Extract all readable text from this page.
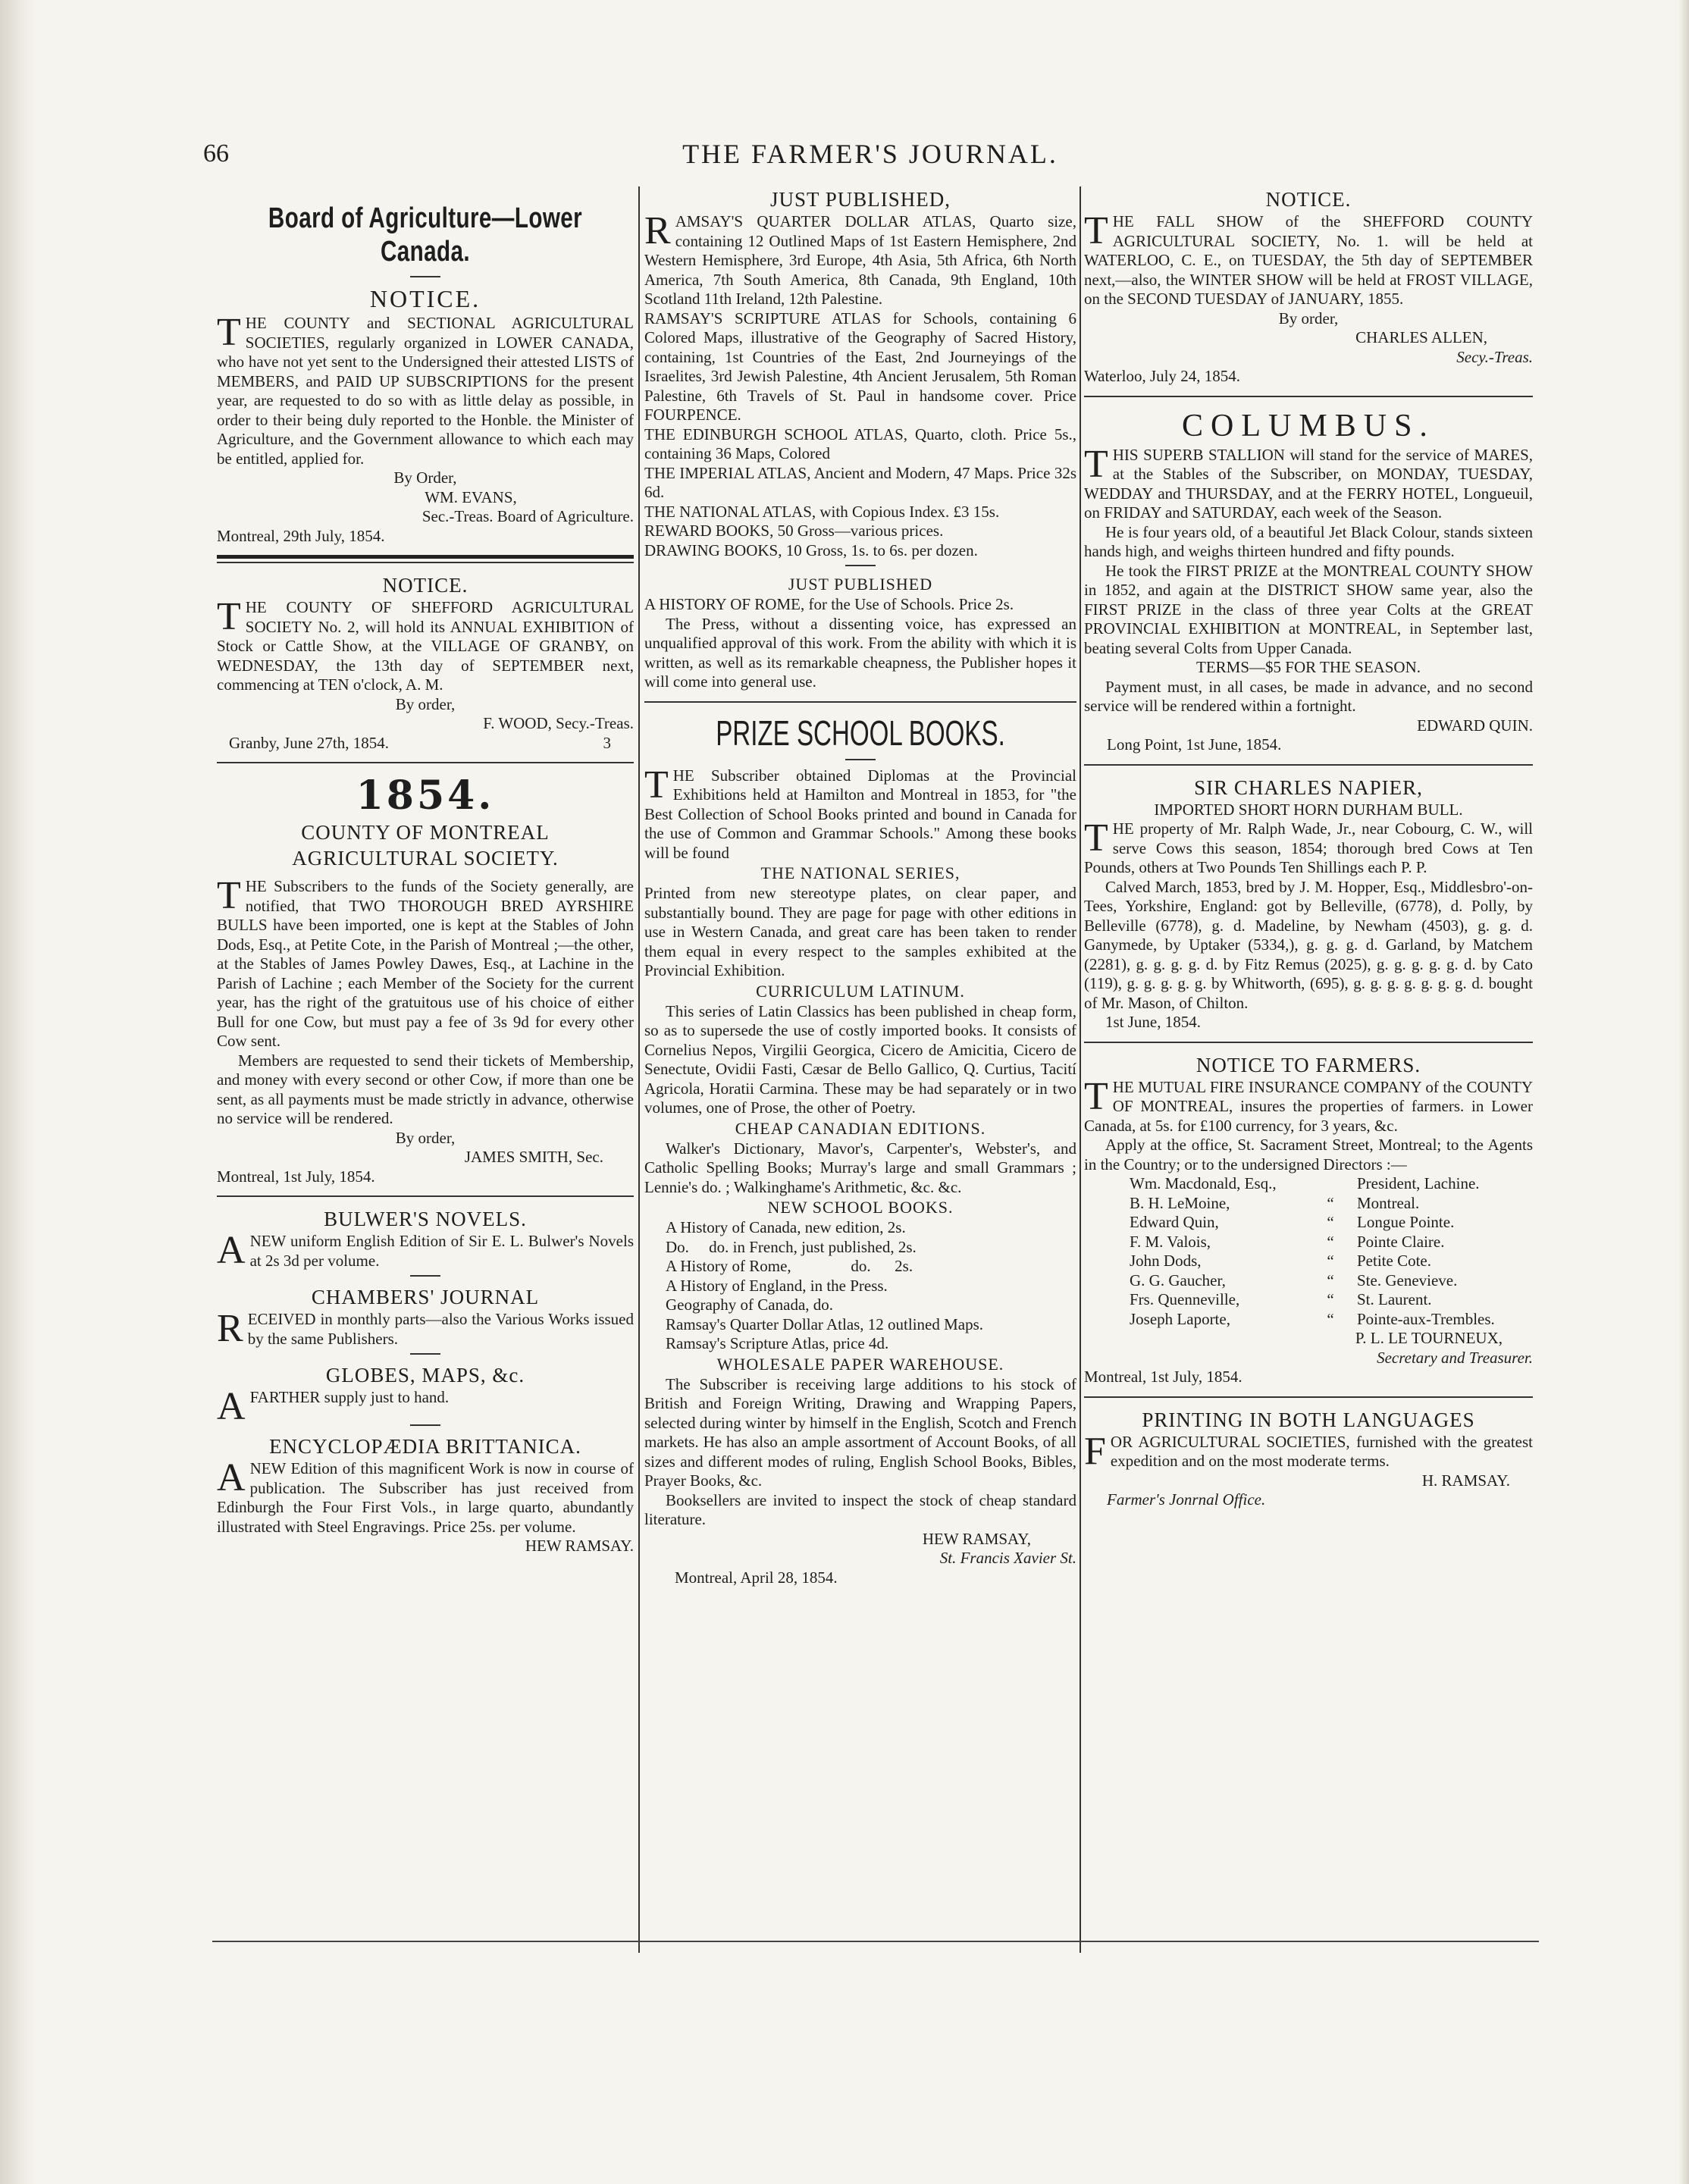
66	THE FARMER'S JOURNAL.
Board of Agriculture—Lower Canada.
NOTICE.

THE COUNTY and SECTIONAL AGRICULTURAL SOCIETIES, regularly organized in LOWER CANADA, who have not yet sent to the Undersigned their attested LISTS of MEMBERS, and PAID UP SUBSCRIPTIONS for the present year, are requested to do so with as little delay as possible, in order to their being duly reported to the Honble. the Minister of Agriculture, and the Government allowance to which each may be entitled, applied for.

By Order,

WM. EVANS,

Sec.-Treas. Board of Agriculture.

Montreal, 29th July, 1854.

NOTICE.

THE COUNTY OF SHEFFORD AGRICULTURAL SOCIETY No. 2, will hold its ANNUAL EXHIBITION of Stock or Cattle Show, at the VILLAGE OF GRANBY, on WEDNESDAY, the 13th day of SEPTEMBER next, commencing at TEN o'clock, A. M.

By order,

F. WOOD, Secy.-Treas.

Granby, June 27th, 1854.	3

1854.
COUNTY OF MONTREAL AGRICULTURAL SOCIETY.

THE Subscribers to the funds of the Society generally, are notified, that TWO THOROUGH BRED AYRSHIRE BULLS have been imported, one is kept at the Stables of John Dods, Esq., at Petite Cote, in the Parish of Montreal ;—the other, at the Stables of James Powley Dawes, Esq., at Lachine in the Parish of Lachine ; each Member of the Society for the current year, has the right of the gratuitous use of his choice of either Bull for one Cow, but must pay a fee of 3s 9d for every other Cow sent.

Members are requested to send their tickets of Membership, and money with every second or other Cow, if more than one be sent, as all payments must be made strictly in advance, otherwise no service will be rendered.

By order,

JAMES SMITH, Sec.

Montreal, 1st July, 1854.

BULWER'S NOVELS.

ANEW uniform English Edition of Sir E. L. Bulwer's Novels at 2s 3d per volume.

CHAMBERS' JOURNAL

RECEIVED in monthly parts—also the Various Works issued by the same Publishers.

GLOBES, MAPS, &c.

AFARTHER supply just to hand.

ENCYCLOPÆDIA BRITTANICA.

ANEW Edition of this magnificent Work is now in course of publication. The Subscriber has just received from Edinburgh the Four First Vols., in large quarto, abundantly illustrated with Steel Engravings. Price 25s. per volume.

HEW RAMSAY.

JUST PUBLISHED,

RAMSAY'S QUARTER DOLLAR ATLAS, Quarto size, containing 12 Outlined Maps of 1st Eastern Hemisphere, 2nd Western Hemisphere, 3rd Europe, 4th Asia, 5th Africa, 6th North America, 7th South America, 8th Canada, 9th England, 10th Scotland 11th Ireland, 12th Palestine.

RAMSAY'S SCRIPTURE ATLAS for Schools, containing 6 Colored Maps, illustrative of the Geography of Sacred History, containing, 1st Countries of the East, 2nd Journeyings of the Israelites, 3rd Jewish Palestine, 4th Ancient Jerusalem, 5th Roman Palestine, 6th Travels of St. Paul in handsome cover. Price FOURPENCE.

THE EDINBURGH SCHOOL ATLAS, Quarto, cloth. Price 5s., containing 36 Maps, Colored

THE IMPERIAL ATLAS, Ancient and Modern, 47 Maps. Price 32s 6d.

THE NATIONAL ATLAS, with Copious Index. £3 15s.

REWARD BOOKS, 50 Gross—various prices.

DRAWING BOOKS, 10 Gross, 1s. to 6s. per dozen.

JUST PUBLISHED

A HISTORY OF ROME, for the Use of Schools. Price 2s.

The Press, without a dissenting voice, has expressed an unqualified approval of this work. From the ability with which it is written, as well as its remarkable cheapness, the Publisher hopes it will come into general use.

PRIZE SCHOOL BOOKS.

THE Subscriber obtained Diplomas at the Provincial Exhibitions held at Hamilton and Montreal in 1853, for "the Best Collection of School Books printed and bound in Canada for the use of Common and Grammar Schools." Among these books will be found

THE NATIONAL SERIES,

Printed from new stereotype plates, on clear paper, and substantially bound. They are page for page with other editions in use in Western Canada, and great care has been taken to render them equal in every respect to the samples exhibited at the Provincial Exhibition.

CURRICULUM LATINUM.

This series of Latin Classics has been published in cheap form, so as to supersede the use of costly imported books. It consists of Cornelius Nepos, Virgilii Georgica, Cicero de Amicitia, Cicero de Senectute, Ovidii Fasti, Cæsar de Bello Gallico, Q. Curtius, Tacití Agricola, Horatii Carmina. These may be had separately or in two volumes, one of Prose, the other of Poetry.

CHEAP CANADIAN EDITIONS.

Walker's Dictionary, Mavor's, Carpenter's, Webster's, and Catholic Spelling Books; Murray's large and small Grammars ; Lennie's do. ; Walkinghame's Arithmetic, &c. &c.

NEW SCHOOL BOOKS.

A History of Canada, new edition, 2s.

Do.     do. in French, just published, 2s.

A History of Rome,               do.      2s.

A History of England, in the Press.

Geography of Canada, do.

Ramsay's Quarter Dollar Atlas, 12 outlined Maps.

Ramsay's Scripture Atlas, price 4d.

WHOLESALE PAPER WAREHOUSE.

The Subscriber is receiving large additions to his stock of British and Foreign Writing, Drawing and Wrapping Papers, selected during winter by himself in the English, Scotch and French markets. He has also an ample assortment of Account Books, of all sizes and different modes of ruling, English School Books, Bibles, Prayer Books, &c.

Booksellers are invited to inspect the stock of cheap standard literature.

HEW RAMSAY,

St. Francis Xavier St.

Montreal, April 28, 1854.

NOTICE.

THE FALL SHOW of the SHEFFORD COUNTY AGRICULTURAL SOCIETY, No. 1. will be held at WATERLOO, C. E., on TUESDAY, the 5th day of SEPTEMBER next,—also, the WINTER SHOW will be held at FROST VILLAGE, on the SECOND TUESDAY of JANUARY, 1855.

By order,

CHARLES ALLEN,

Secy.-Treas.

Waterloo, July 24, 1854.

COLUMBUS.

THIS SUPERB STALLION will stand for the service of MARES, at the Stables of the Subscriber, on MONDAY, TUESDAY, WEDDAY and THURSDAY, and at the FERRY HOTEL, Longueuil, on FRIDAY and SATURDAY, each week of the Season.

He is four years old, of a beautiful Jet Black Colour, stands sixteen hands high, and weighs thirteen hundred and fifty pounds.

He took the FIRST PRIZE at the MONTREAL COUNTY SHOW in 1852, and again at the DISTRICT SHOW same year, also the FIRST PRIZE in the class of three year Colts at the GREAT PROVINCIAL EXHIBITION at MONTREAL, in September last, beating several Colts from Upper Canada.

TERMS—$5 FOR THE SEASON.

Payment must, in all cases, be made in advance, and no second service will be rendered within a fortnight.

EDWARD QUIN.

Long Point, 1st June, 1854.

SIR CHARLES NAPIER,

IMPORTED SHORT HORN DURHAM BULL.

THE property of Mr. Ralph Wade, Jr., near Cobourg, C. W., will serve Cows this season, 1854; thorough bred Cows at Ten Pounds, others at Two Pounds Ten Shillings each P. P.

Calved March, 1853, bred by J. M. Hopper, Esq., Middlesbro'-on-Tees, Yorkshire, England: got by Belleville, (6778), d. Polly, by Belleville (6778), g. d. Madeline, by Newham (4503), g. g. d. Ganymede, by Uptaker (5334,), g. g. g. d. Garland, by Matchem (2281), g. g. g. g. d. by Fitz Remus (2025), g. g. g. g. g. d. by Cato (119), g. g. g. g. g. by Whitworth, (695), g. g. g. g. g. g. g. d. bought of Mr. Mason, of Chilton.

1st June, 1854.

NOTICE TO FARMERS.

THE MUTUAL FIRE INSURANCE COMPANY of the COUNTY OF MONTREAL, insures the properties of farmers. in Lower Canada, at 5s. for £100 currency, for 3 years, &c.

Apply at the office, St. Sacrament Street, Montreal; to the Agents in the Country; or to the undersigned Directors :—

Wm. Macdonald, Esq.,	President, Lachine.
B. H. LeMoine,	“	Montreal.
Edward Quin,	“	Longue Pointe.
F. M. Valois,	“	Pointe Claire.
John Dods,	“	Petite Cote.
G. G. Gaucher,	“	Ste. Genevieve.
Frs. Quenneville,	“	St. Laurent.
Joseph Laporte,	“	Pointe-aux-Trembles.

P. L. LE TOURNEUX,

Secretary and Treasurer.

Montreal, 1st July, 1854.

PRINTING IN BOTH LANGUAGES

FOR AGRICULTURAL SOCIETIES, furnished with the greatest expedition and on the most moderate terms.

H. RAMSAY.

Farmer's Jonrnal Office.
